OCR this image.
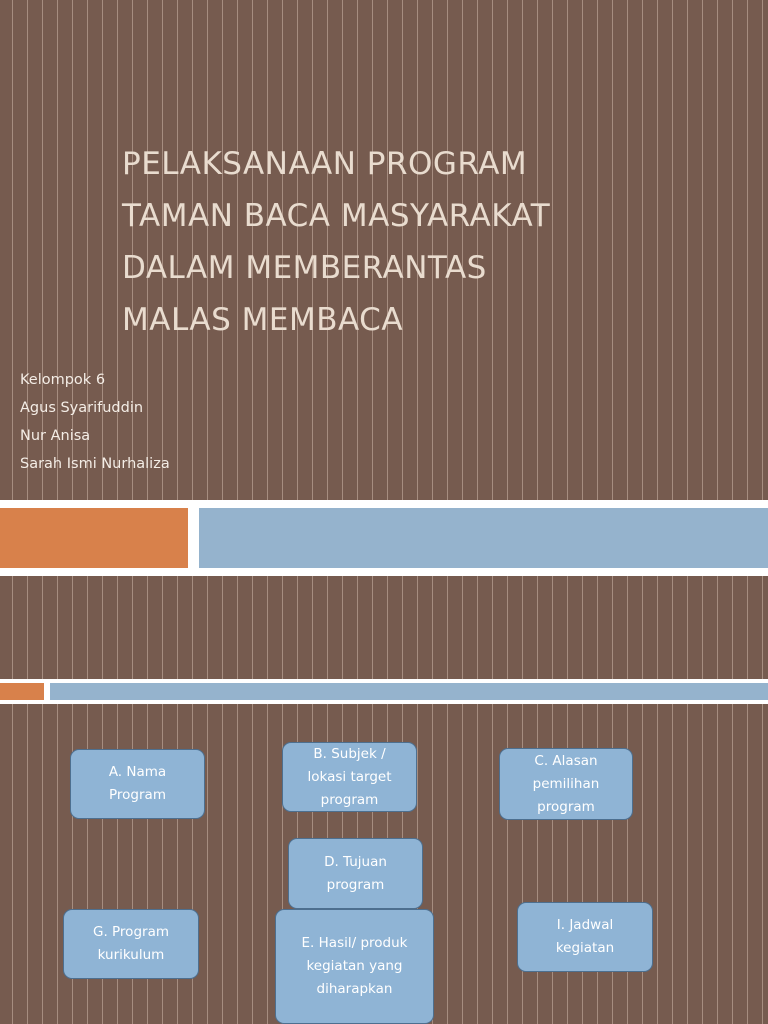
PELAKSANAAN PROGRAM
TAMAN BACA MASYARAKAT
DALAM MEMBERANTAS
MALAS MEMBACA
Kelompok 6
Agus Syarifuddin
Nur Anisa
Sarah Ismi Nurhaliza
A. Nama
Program
B. Subjek /
lokasi target
program
C. Alasan
pemilihan
program
D. Tujuan
program
G. Program
kurikulum
E. Hasil/ produk
kegiatan yang
diharapkan
I. Jadwal
kegiatan
